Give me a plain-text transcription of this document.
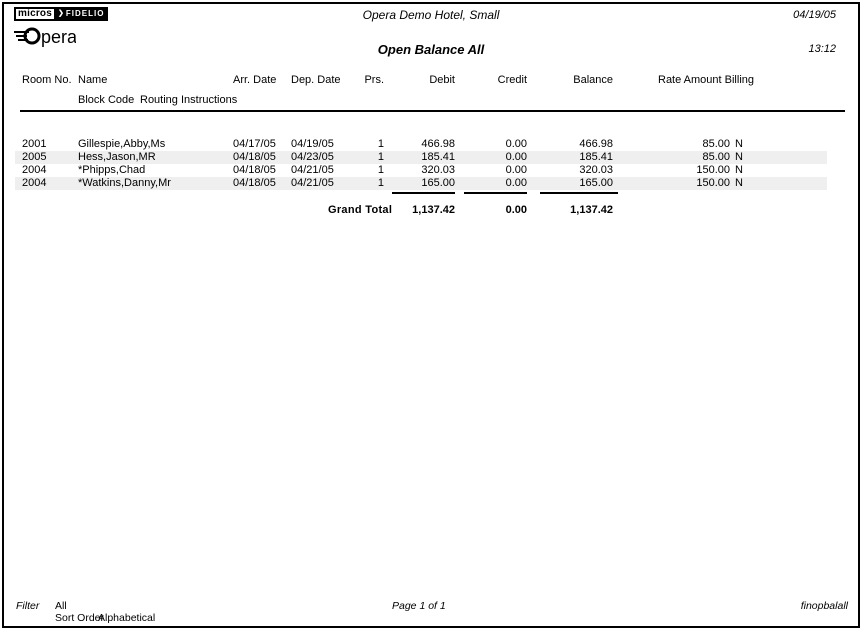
micros ❯ FIDELIO
pera
Opera Demo Hotel, Small
Open Balance All
04/19/05
13:12
Room No. Name	Arr. Date Dep. Date	Prs.	Debit	Credit	Balance	Rate Amount Billing
Block Code Routing Instructions
2001	Gillespie,Abby,Ms	04/17/05 04/19/05	1	466.98	0.00	466.98	85.00 N
2005	Hess,Jason,MR	04/18/05 04/23/05	1	185.41	0.00	185.41	85.00 N
2004	*Phipps,Chad	04/18/05 04/21/05	1	320.03	0.00	320.03	150.00 N
2004	*Watkins,Danny,Mr	04/18/05 04/21/05	1	165.00	0.00	165.00	150.00 N
Grand Total	1,137.42	0.00	1,137.42
Filter All
Sort Order
Alphabetical
Page 1 of 1	finopbalall
